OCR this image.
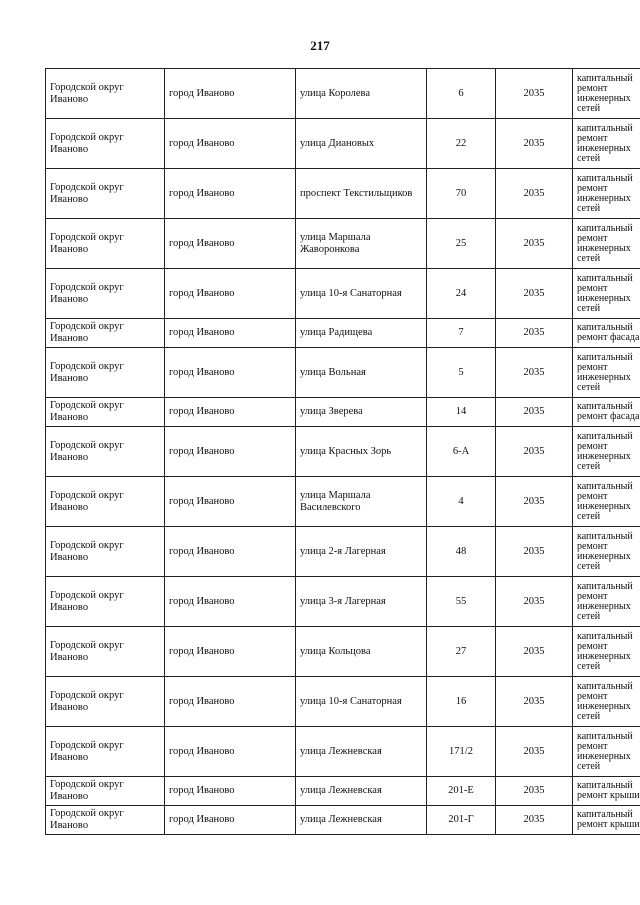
217
Городской округ Иваново	город Иваново	улица Королева	6	2035	капитальный ремонт инженерных сетей
Городской округ Иваново	город Иваново	улица Диановых	22	2035	капитальный ремонт инженерных сетей
Городской округ Иваново	город Иваново	проспект Текстильщиков	70	2035	капитальный ремонт инженерных сетей
Городской округ Иваново	город Иваново	улица Маршала Жаворонкова	25	2035	капитальный ремонт инженерных сетей
Городской округ Иваново	город Иваново	улица 10-я Санаторная	24	2035	капитальный ремонт инженерных сетей
Городской округ Иваново	город Иваново	улица Радищева	7	2035	капитальный ремонт фасада
Городской округ Иваново	город Иваново	улица Вольная	5	2035	капитальный ремонт инженерных сетей
Городской округ Иваново	город Иваново	улица Зверева	14	2035	капитальный ремонт фасада
Городской округ Иваново	город Иваново	улица Красных Зорь	6-А	2035	капитальный ремонт инженерных сетей
Городской округ Иваново	город Иваново	улица Маршала Василевского	4	2035	капитальный ремонт инженерных сетей
Городской округ Иваново	город Иваново	улица 2-я Лагерная	48	2035	капитальный ремонт инженерных сетей
Городской округ Иваново	город Иваново	улица 3-я Лагерная	55	2035	капитальный ремонт инженерных сетей
Городской округ Иваново	город Иваново	улица Кольцова	27	2035	капитальный ремонт инженерных сетей
Городской округ Иваново	город Иваново	улица 10-я Санаторная	16	2035	капитальный ремонт инженерных сетей
Городской округ Иваново	город Иваново	улица Лежневская	171/2	2035	капитальный ремонт инженерных сетей
Городской округ Иваново	город Иваново	улица Лежневская	201-Е	2035	капитальный ремонт крыши
Городской округ Иваново	город Иваново	улица Лежневская	201-Г	2035	капитальный ремонт крыши
